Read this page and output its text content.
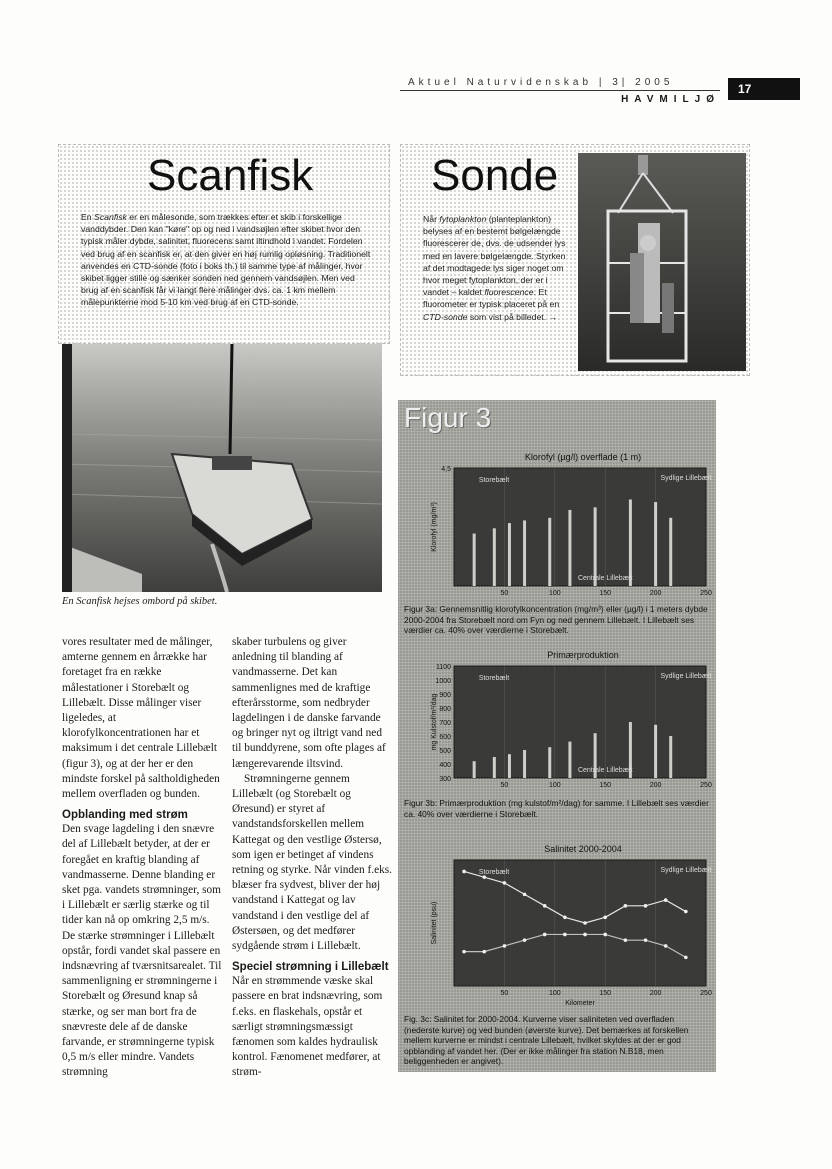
Aktuel Naturvidenskab | 3| 2005
HAVMILJØ
17
Scanfisk
En Scanfisk er en målesonde, som trækkes efter et skib i forskellige vanddybder. Den kan "køre" op og ned i vandsøjlen efter skibet hvor den typisk måler dybde, salinitet, fluorecens samt iltindhold i vandet. Fordelen ved brug af en scanfisk er, at den giver en høj rumlig opløsning. Traditionelt anvendes en CTD-sonde (foto i boks th.) til samme type af målinger, hvor skibet ligger stille og sænker sonden ned gennem vandsøjlen. Men ved brug af en scanfisk får vi langt flere målinger dvs. ca. 1 km mellem målepunkterne mod 5-10 km ved brug af en CTD-sonde.
Sonde
Når fytoplankton (planteplankton) belyses af en bestemt bølgelængde fluorescerer de, dvs. de udsender lys med en lavere bølgelængde. Styrken af det modtagede lys siger noget om hvor meget fytoplankton, der er i vandet – kaldet fluorescence. Et fluorometer er typisk placeret på en CTD-sonde som vist på billedet. →
En Scanfisk hejses ombord på skibet.

vores resultater med de målinger, amterne gennem en årrække har foretaget fra en række målestationer i Storebælt og Lillebælt. Disse målinger viser ligeledes, at klorofylkoncentrationen har et maksimum i det centrale Lillebælt (figur 3), og at der her er den mindste forskel på saltholdigheden mellem overfladen og bunden.

Opblanding med strøm

Den svage lagdeling i den snævre del af Lillebælt betyder, at der er foregået en kraftig blanding af vandmasserne. Denne blanding er sket pga. vandets strømninger, som i Lillebælt er særlig stærke og til tider kan nå op omkring 2,5 m/s. De stærke strømninger i Lillebælt opstår, fordi vandet skal passere en indsnævring af tværsnitsarealet. Til sammenligning er strømningerne i Storebælt og Øresund knap så stærke, og ser man bort fra de snævreste dele af de danske farvande, er strømningerne typisk 0,5 m/s eller mindre. Vandets strømning

skaber turbulens og giver anledning til blanding af vandmasserne. Det kan sammenlignes med de kraftige efterårsstorme, som nedbryder lagdelingen i de danske farvande og bringer nyt og iltrigt vand ned til bunddyrene, som ofte plages af længerevarende iltsvind.

Strømningerne gennem Lillebælt (og Storebælt og Øresund) er styret af vandstandsforskellen mellem Kattegat og den vestlige Østersø, som igen er betinget af vindens retning og styrke. Når vinden f.eks. blæser fra sydvest, bliver der høj vandstand i Kattegat og lav vandstand i den vestlige del af Østersøen, og det medfører sydgående strøm i Lillebælt.

Speciel strømning i Lillebælt

Når en strømmende væske skal passere en brat indsnævring, som f.eks. en flaskehals, opstår et særligt strømningsmæssigt fænomen som kaldes hydraulisk kontrol. Fænomenet medfører, at strøm-

Figur 3
Klorofyl (µg/l) overflade (1 m)
50	100	150	200	250
4,5
Klorofyl (mg/m³)
Storebælt	Sydlige Lillebælt
Centrale Lillebælt
Figur 3a: Gennemsnitlig klorofylkoncentration (mg/m³) eller (µg/l) i 1 meters dybde 2000-2004 fra Storebælt nord om Fyn og ned gennem Lillebælt. I Lillebælt ses værdier ca. 40% over værdierne i Storebælt.
Primærproduktion
50	100	150	200	250
1100
1000
900
800
700
600
500
400
300
mg Kulstof/m²/dag
Storebælt	Sydlige Lillebælt
Centrale Lillebælt
Figur 3b: Primærproduktion (mg kulstof/m²/dag) for samme. I Lillebælt ses værdier ca. 40% over værdierne i Storebælt.
Salinitet 2000-2004
50	100	150	200	250
Salinitet (psu)
Storebælt	Sydlige Lillebælt
Kilometer
Fig. 3c: Salinitet for 2000-2004. Kurverne viser saliniteten ved overfladen (nederste kurve) og ved bunden (øverste kurve). Det bemærkes at forskellen mellem kurverne er mindst i centrale Lillebælt, hvilket skyldes at der er god opblanding af vandet her. (Der er ikke målinger fra station N.B18, men beliggenheden er angivet).
